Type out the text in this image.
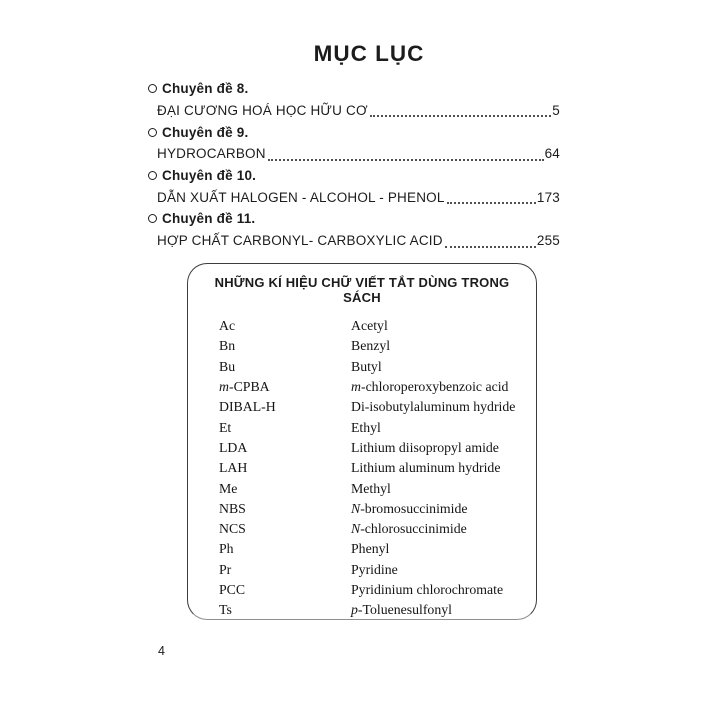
MỤC LỤC
Chuyên đề 8.
ĐẠI CƯƠNG HOÁ HỌC HỮU CƠ	5
Chuyên đề 9.
HYDROCARBON	64
Chuyên đề 10.
DẪN XUẤT HALOGEN - ALCOHOL - PHENOL	173
Chuyên đề 11.
HỢP CHẤT CARBONYL- CARBOXYLIC ACID	255
NHỮNG KÍ HIỆU CHỮ VIẾT TẮT DÙNG TRONG SÁCH
Ac	Acetyl
Bn	Benzyl
Bu	Butyl
m-CPBA	m-chloroperoxybenzoic acid
DIBAL-H	Di-isobutylaluminum hydride
Et	Ethyl
LDA	Lithium diisopropyl amide
LAH	Lithium aluminum hydride
Me	Methyl
NBS	N-bromosuccinimide
NCS	N-chlorosuccinimide
Ph	Phenyl
Pr	Pyridine
PCC	Pyridinium chlorochromate
Ts	p-Toluenesulfonyl
4
